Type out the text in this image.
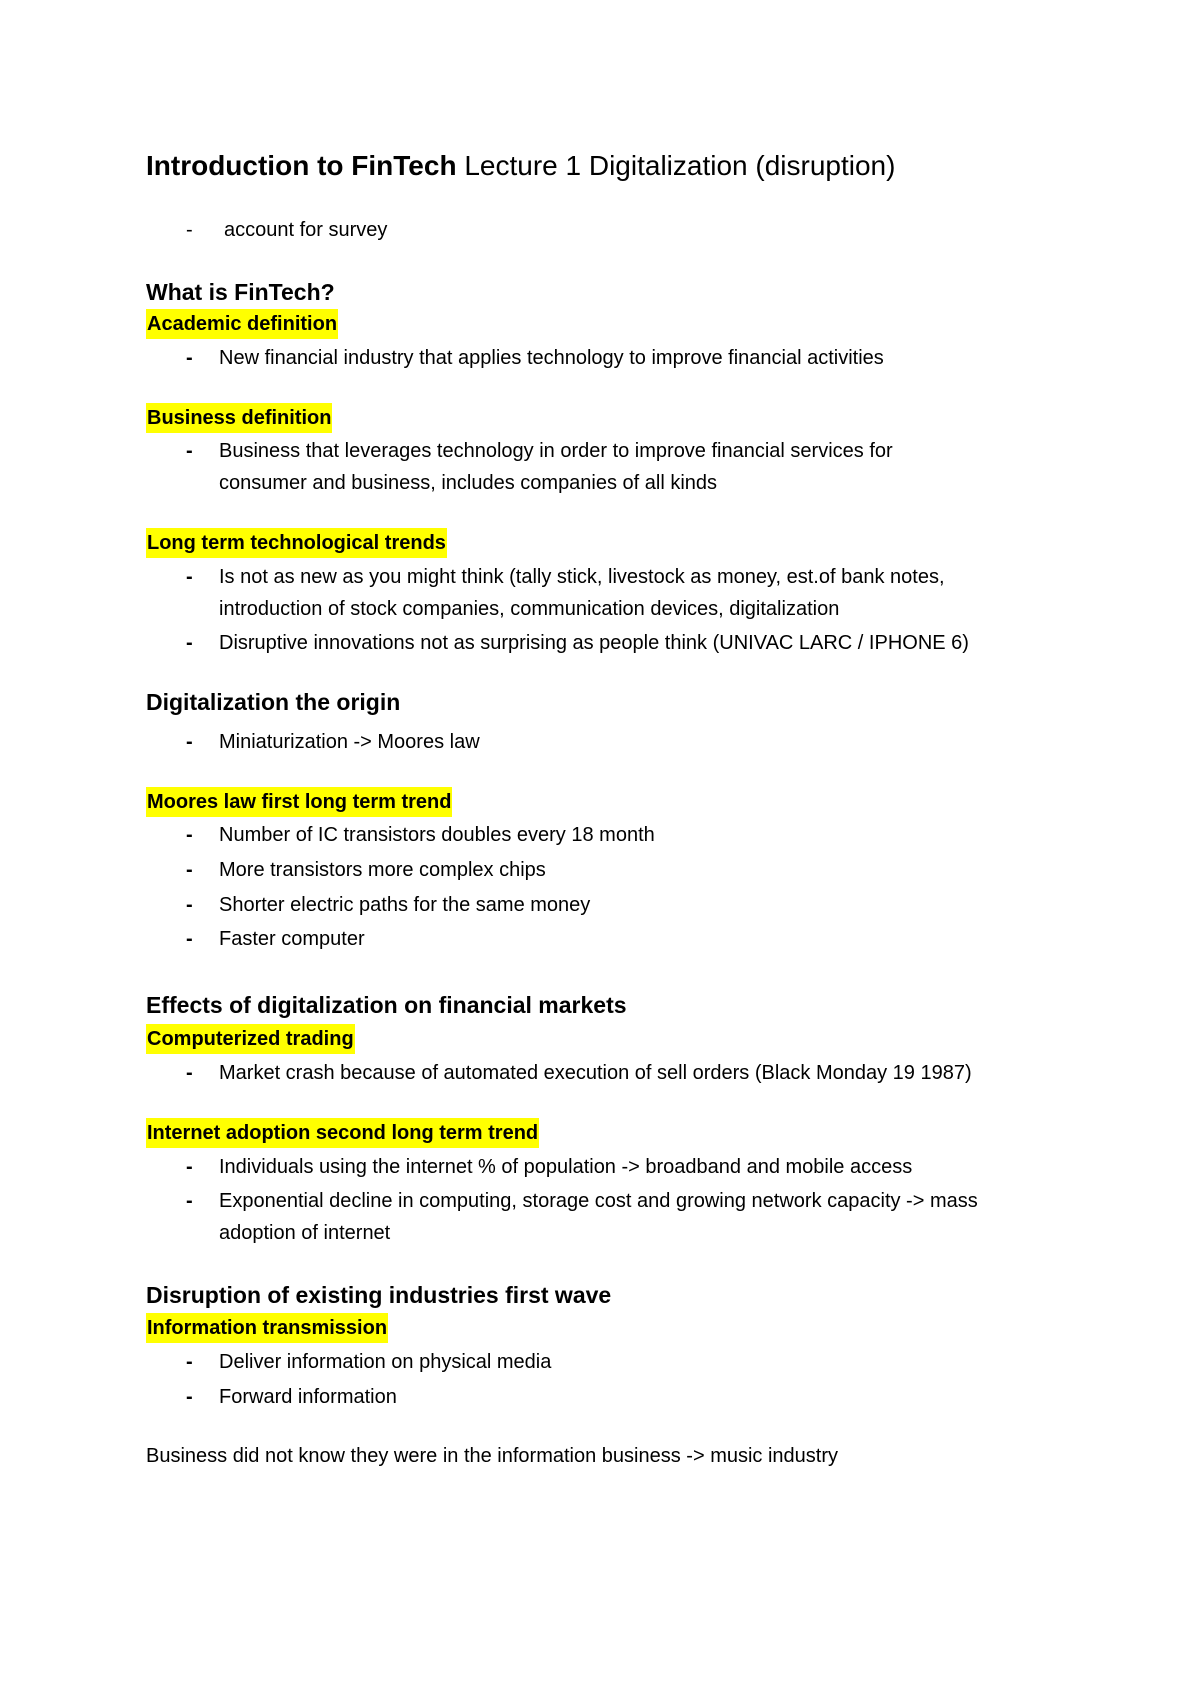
Introduction to FinTech Lecture 1 Digitalization (disruption)
- account for survey
What is FinTech?
Academic definition
- New financial industry that applies technology to improve financial activities
Business definition
- Business that leverages technology in order to improve financial services for
consumer and business, includes companies of all kinds
Long term technological trends
- Is not as new as you might think (tally stick, livestock as money, est.of bank notes,
introduction of stock companies, communication devices, digitalization
- Disruptive innovations not as surprising as people think (UNIVAC LARC / IPHONE 6)
Digitalization the origin
- Miniaturization -> Moores law
Moores law first long term trend
- Number of IC transistors doubles every 18 month
- More transistors more complex chips
- Shorter electric paths for the same money
- Faster computer
Effects of digitalization on financial markets
Computerized trading
- Market crash because of automated execution of sell orders (Black Monday 19 1987)
Internet adoption second long term trend
- Individuals using the internet % of population -> broadband and mobile access
- Exponential decline in computing, storage cost and growing network capacity -> mass
adoption of internet
Disruption of existing industries first wave
Information transmission
- Deliver information on physical media
- Forward information
Business did not know they were in the information business -> music industry
